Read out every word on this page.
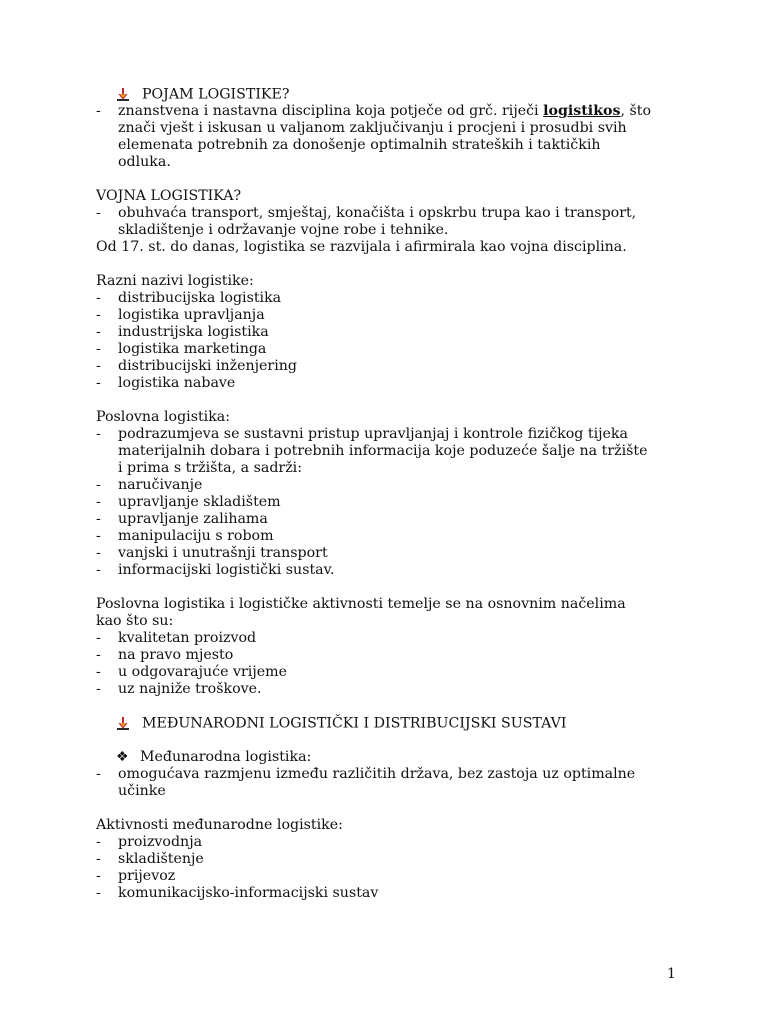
POJAM LOGISTIKE?
- znanstvena i nastavna disciplina koja potječe od grč. riječi logistikos, što
znači vješt i iskusan u valjanom zaključivanju i procjeni i prosudbi svih
elemenata potrebnih za donošenje optimalnih strateških i taktičkih
odluka.
VOJNA LOGISTIKA?
- obuhvaća transport, smještaj, konačišta i opskrbu trupa kao i transport,
skladištenje i održavanje vojne robe i tehnike.
Od 17. st. do danas, logistika se razvijala i afirmirala kao vojna disciplina.
Razni nazivi logistike:
- distribucijska logistika
- logistika upravljanja
- industrijska logistika
- logistika marketinga
- distribucijski inženjering
- logistika nabave
Poslovna logistika:
- podrazumjeva se sustavni pristup upravljanjaj i kontrole fizičkog tijeka
materijalnih dobara i potrebnih informacija koje poduzeće šalje na tržište
i prima s tržišta, a sadrži:
- naručivanje
- upravljanje skladištem
- upravljanje zalihama
- manipulaciju s robom
- vanjski i unutrašnji transport
- informacijski logistički sustav.
Poslovna logistika i logističke aktivnosti temelje se na osnovnim načelima
kao što su:
- kvalitetan proizvod
- na pravo mjesto
- u odgovarajuće vrijeme
- uz najniže troškove.
MEĐUNARODNI LOGISTIČKI I DISTRIBUCIJSKI SUSTAVI
❖ Međunarodna logistika:
- omogućava razmjenu između različitih država, bez zastoja uz optimalne
učinke
Aktivnosti međunarodne logistike:
- proizvodnja
- skladištenje
- prijevoz
- komunikacijsko-informacijski sustav
1
